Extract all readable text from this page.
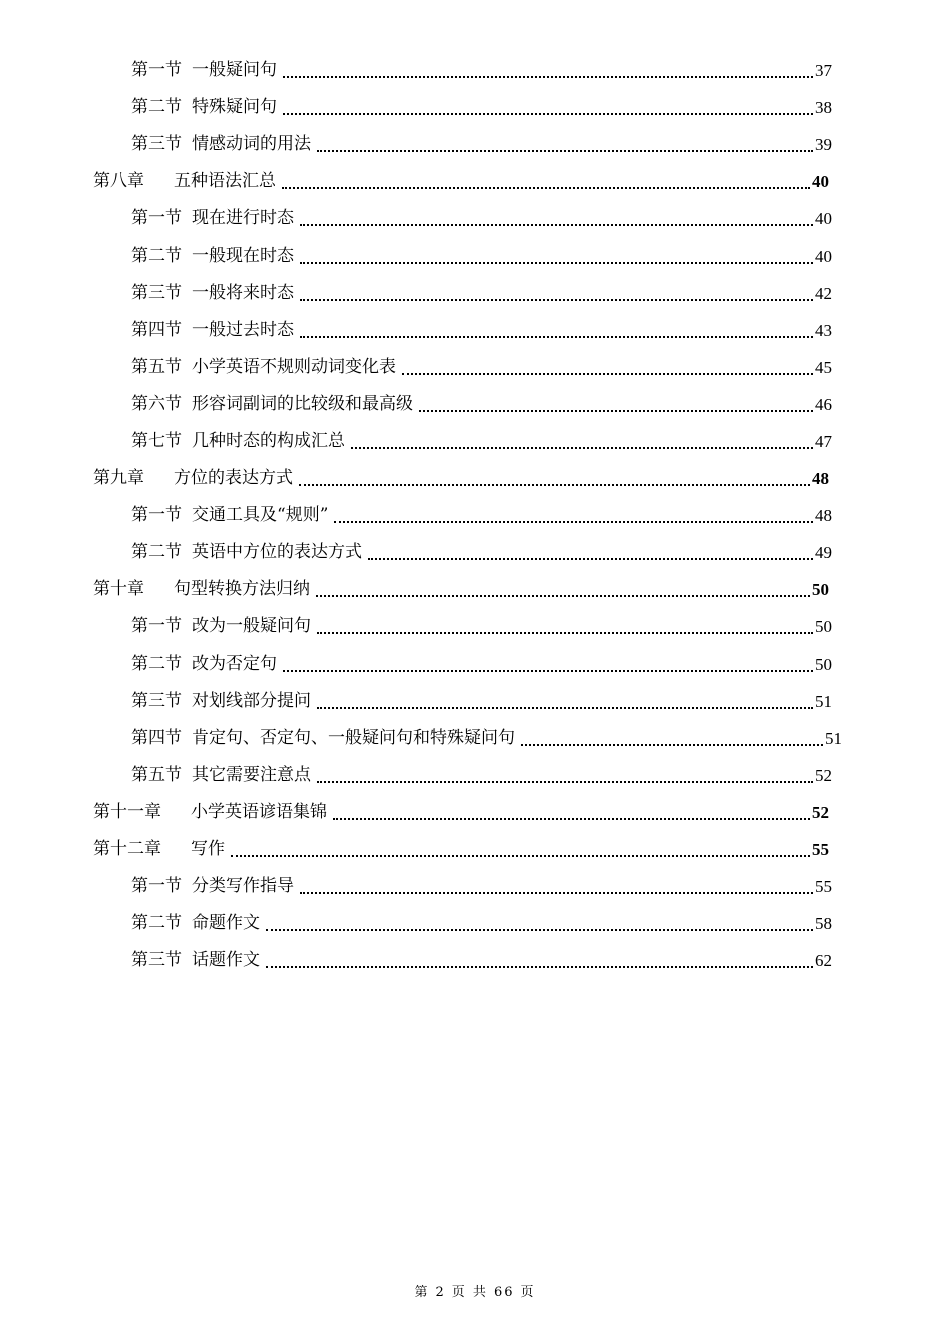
第一节 一般疑问句	37
第二节 特殊疑问句	38
第三节 情感动词的用法	39
第八章 五种语法汇总	40
第一节 现在进行时态	40
第二节 一般现在时态	40
第三节 一般将来时态	42
第四节 一般过去时态	43
第五节 小学英语不规则动词变化表	45
第六节 形容词副词的比较级和最高级	46
第七节 几种时态的构成汇总	47
第九章 方位的表达方式	48
第一节 交通工具及“规则”	48
第二节 英语中方位的表达方式	49
第十章 句型转换方法归纳	50
第一节 改为一般疑问句	50
第二节 改为否定句	50
第三节 对划线部分提问	51
第四节 肯定句、否定句、一般疑问句和特殊疑问句	51
第五节 其它需要注意点	52
第十一章 小学英语谚语集锦	52
第十二章 写作	55
第一节 分类写作指导	55
第二节 命题作文	58
第三节 话题作文	62
第 2 页 共 66 页
